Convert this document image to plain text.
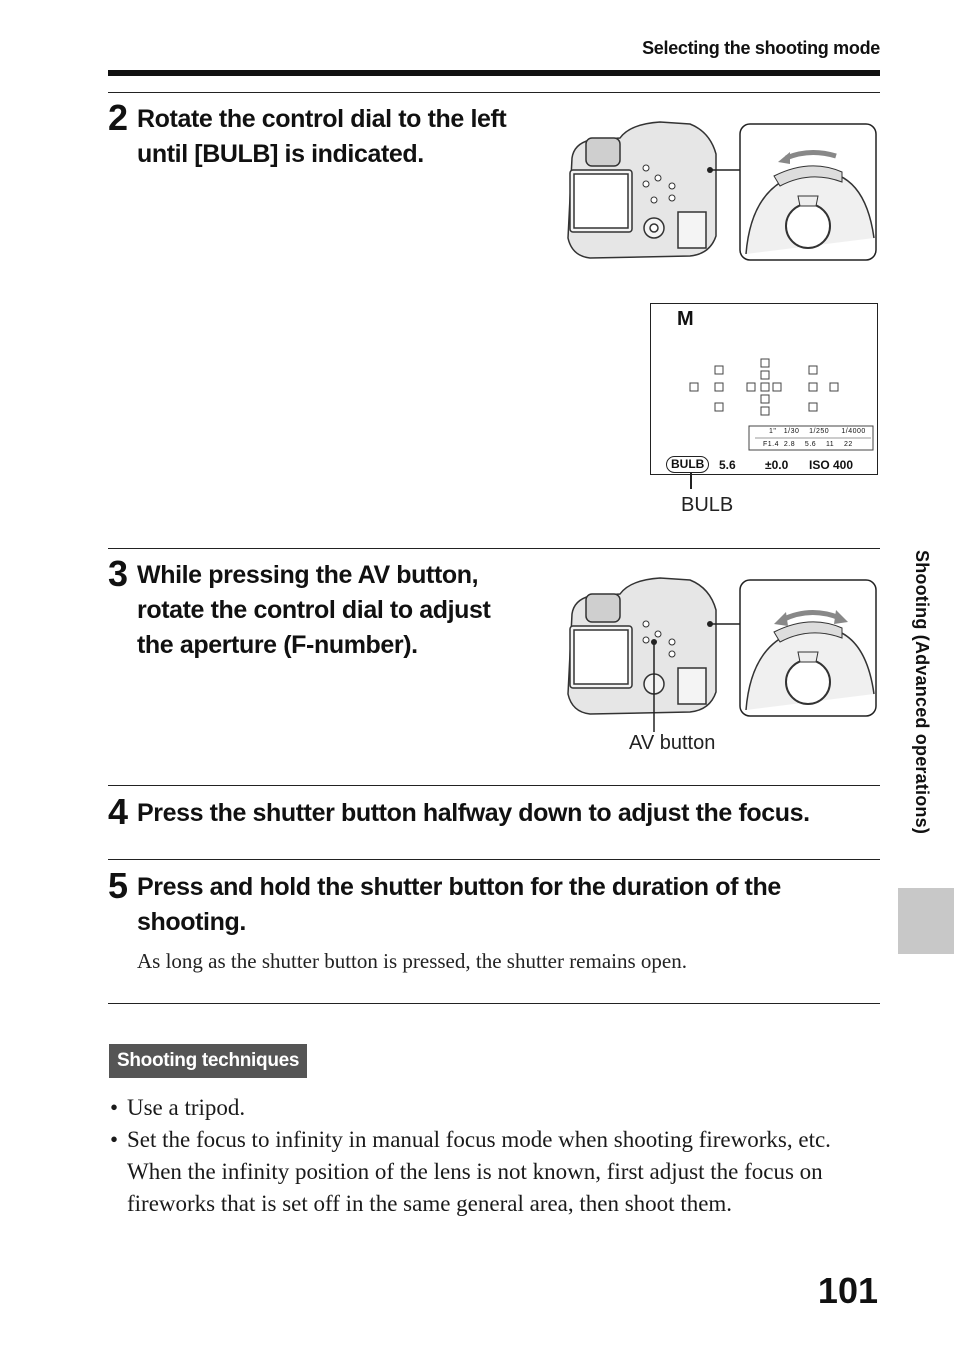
Selecting the shooting mode
2 Rotate the control dial to the left
until [BULB] is indicated.
M
1" 1/30 1/250 1/4000
F1.4 2.8 5.6 11 22
BULB	5.6 ±0.0 ISO 400
BULB
3 While pressing the AV button,
rotate the control dial to adjust
the aperture (F-number).
AV button
4 Press the shutter button halfway down to adjust the focus.
5 Press and hold the shutter button for the duration of the
shooting.
As long as the shutter button is pressed, the shutter remains open.
Shooting techniques
• Use a tripod.
• Set the focus to infinity in manual focus mode when shooting fireworks, etc. When the infinity position of the lens is not known, first adjust the focus on fireworks that is set off in the same general area, then shoot them.
Shooting (Advanced operations)
101
